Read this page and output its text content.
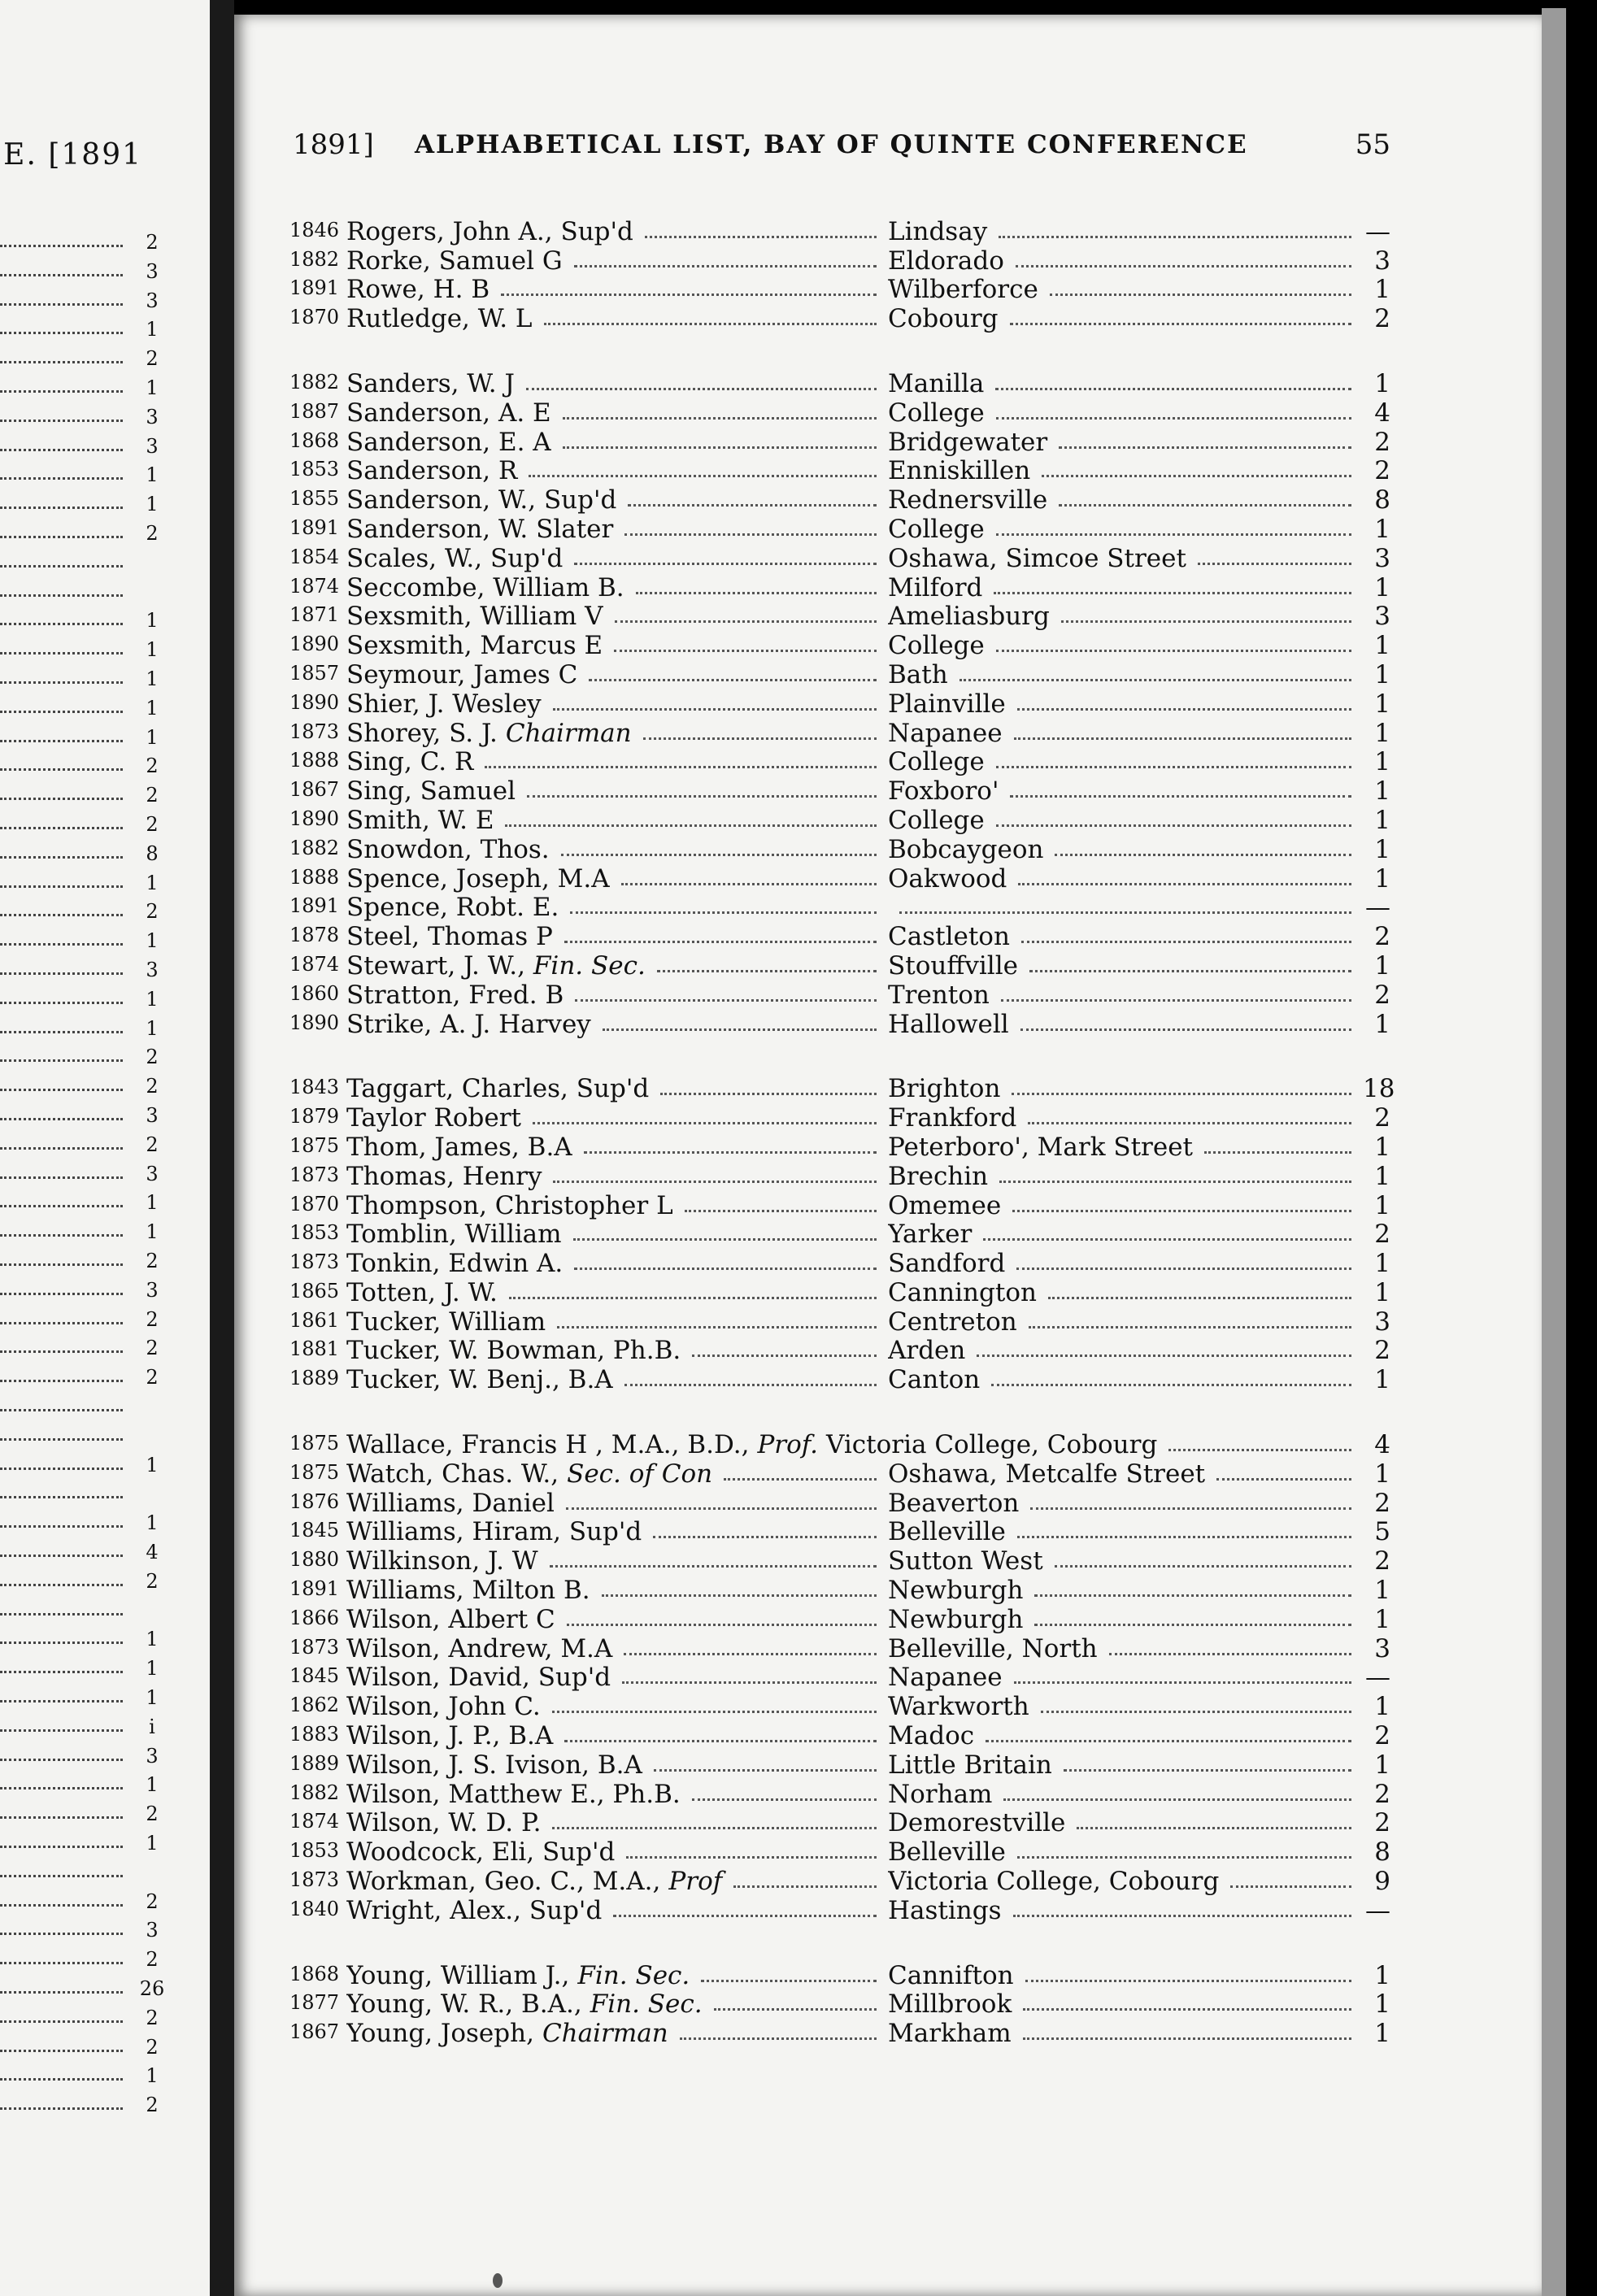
E. [1891
2
3
3
1
2
1
3
3
1
1
2
1
1
1
1
1
2
2
2
8
1
2
1
3
1
1
2
2
3
2
3
1
1
2
3
2
2
2
1
1
4
2
1
1
1
i
3
1
2
1
2
3
2
26
2
2
1
2
1891] ALPHABETICAL LIST, BAY OF QUINTE CONFERENCE	55
1846 Rogers, John A., Sup'd	Lindsay	—
1882 Rorke, Samuel G	Eldorado	3
1891 Rowe, H. B	Wilberforce	1
1870 Rutledge, W. L	Cobourg	2
1882 Sanders, W. J	Manilla	1
1887 Sanderson, A. E	College	4
1868 Sanderson, E. A	Bridgewater	2
1853 Sanderson, R	Enniskillen	2
1855 Sanderson, W., Sup'd	Rednersville	8
1891 Sanderson, W. Slater	College	1
1854 Scales, W., Sup'd	Oshawa, Simcoe Street	3
1874 Seccombe, William B.	Milford	1
1871 Sexsmith, William V	Ameliasburg	3
1890 Sexsmith, Marcus E	College	1
1857 Seymour, James C	Bath	1
1890 Shier, J. Wesley	Plainville	1
1873 Shorey, S. J. Chairman	Napanee	1
1888 Sing, C. R	College	1
1867 Sing, Samuel	Foxboro'	1
1890 Smith, W. E	College	1
1882 Snowdon, Thos.	Bobcaygeon	1
1888 Spence, Joseph, M.A	Oakwood	1
1891 Spence, Robt. E.	—
1878 Steel, Thomas P	Castleton	2
1874 Stewart, J. W., Fin. Sec.	Stouffville	1
1860 Stratton, Fred. B	Trenton	2
1890 Strike, A. J. Harvey	Hallowell	1
1843 Taggart, Charles, Sup'd	Brighton	18
1879 Taylor Robert	Frankford	2
1875 Thom, James, B.A	Peterboro', Mark Street	1
1873 Thomas, Henry	Brechin	1
1870 Thompson, Christopher L	Omemee	1
1853 Tomblin, William	Yarker	2
1873 Tonkin, Edwin A.	Sandford	1
1865 Totten, J. W.	Cannington	1
1861 Tucker, William	Centreton	3
1881 Tucker, W. Bowman, Ph.B.	Arden	2
1889 Tucker, W. Benj., B.A	Canton	1
1875 Wallace, Francis H , M.A., B.D., Prof. Victoria College, Cobourg	4
1875 Watch, Chas. W., Sec. of Con	Oshawa, Metcalfe Street	1
1876 Williams, Daniel	Beaverton	2
1845 Williams, Hiram, Sup'd	Belleville	5
1880 Wilkinson, J. W	Sutton West	2
1891 Williams, Milton B.	Newburgh	1
1866 Wilson, Albert C	Newburgh	1
1873 Wilson, Andrew, M.A	Belleville, North	3
1845 Wilson, David, Sup'd	Napanee	—
1862 Wilson, John C.	Warkworth	1
1883 Wilson, J. P., B.A	Madoc	2
1889 Wilson, J. S. Ivison, B.A	Little Britain	1
1882 Wilson, Matthew E., Ph.B.	Norham	2
1874 Wilson, W. D. P.	Demorestville	2
1853 Woodcock, Eli, Sup'd	Belleville	8
1873 Workman, Geo. C., M.A., Prof	Victoria College, Cobourg	9
1840 Wright, Alex., Sup'd	Hastings	—
1868 Young, William J., Fin. Sec.	Cannifton	1
1877 Young, W. R., B.A., Fin. Sec.	Millbrook	1
1867 Young, Joseph, Chairman	Markham	1
